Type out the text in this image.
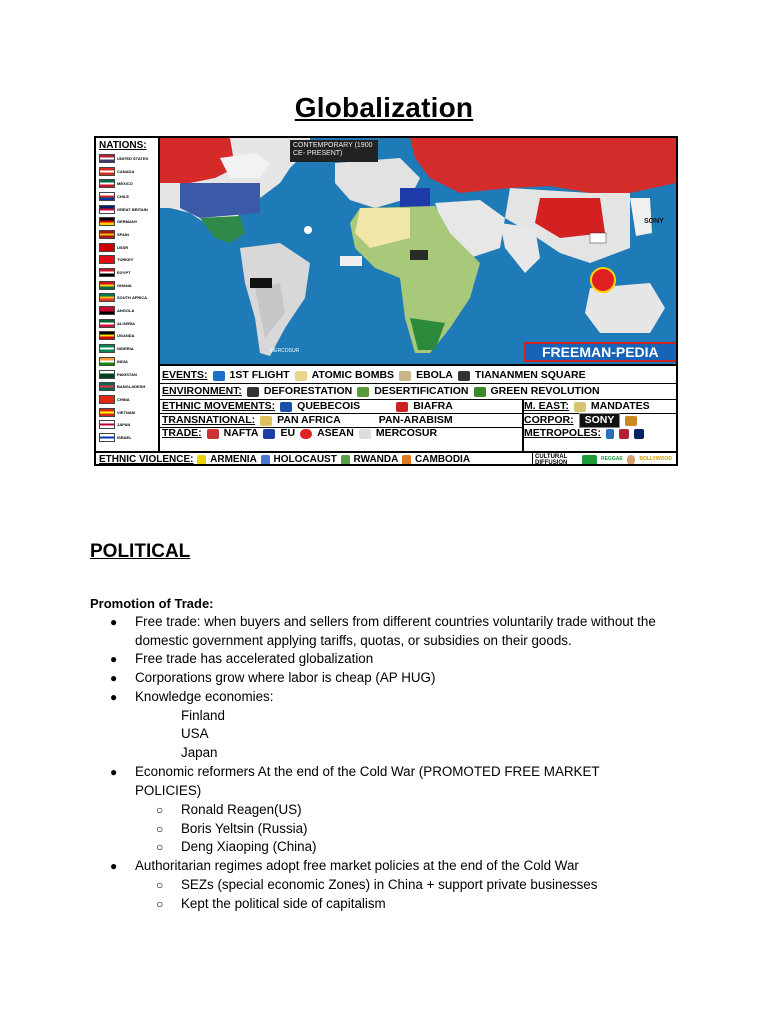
Globalization
NATIONS:
UNITED STATES
CANADA
MEXICO
CHILE
GREAT BRITAIN
GERMANY
SPAIN
USSR
TURKEY
EGYPT
GHANA
SOUTH AFRICA
ANGOLA
ALGERIA
UGANDA
NIGERIA
INDIA
PAKISTAN
BANGLADESH
CHINA
VIETNAM
JAPAN
ISRAEL
CONTEMPORARY (1900 CE- PRESENT)
SONY
MERCOSUR	FREEMAN-PEDIA
EVENTS: 1ST FLIGHT ATOMIC BOMBS EBOLA TIANANMEN SQUARE
ENVIRONMENT: DEFORESTATION DESERTIFICATION GREEN REVOLUTION
ETHNIC MOVEMENTS: QUEBECOIS	BIAFRA	M. EAST: MANDATES
TRANSNATIONAL: PAN AFRICA	PAN-ARABISM	CORPOR:	SONY
TRADE: NAFTA EU ASEAN MERCOSUR	METROPOLES:
ETHNIC VIOLENCE: ARMENIA HOLOCAUST RWANDA CAMBODIA	CULTURAL DIFFUSION
REGGAE	BOLLYWOOD
POLITICAL
Promotion of Trade:
● Free trade: when buyers and sellers from different countries voluntarily trade without the
domestic government applying tariffs, quotas, or subsidies on their goods.
● Free trade has accelerated globalization
● Corporations grow where labor is cheap (AP HUG)
● Knowledge economies:
Finland
USA
Japan
● Economic reformers At the end of the Cold War (PROMOTED FREE MARKET
POLICIES)
○ Ronald Reagen(US)
○ Boris Yeltsin (Russia)
○ Deng Xiaoping (China)
● Authoritarian regimes adopt free market policies at the end of the Cold War
○ SEZs (special economic Zones) in China + support private businesses
○ Kept the political side of capitalism
